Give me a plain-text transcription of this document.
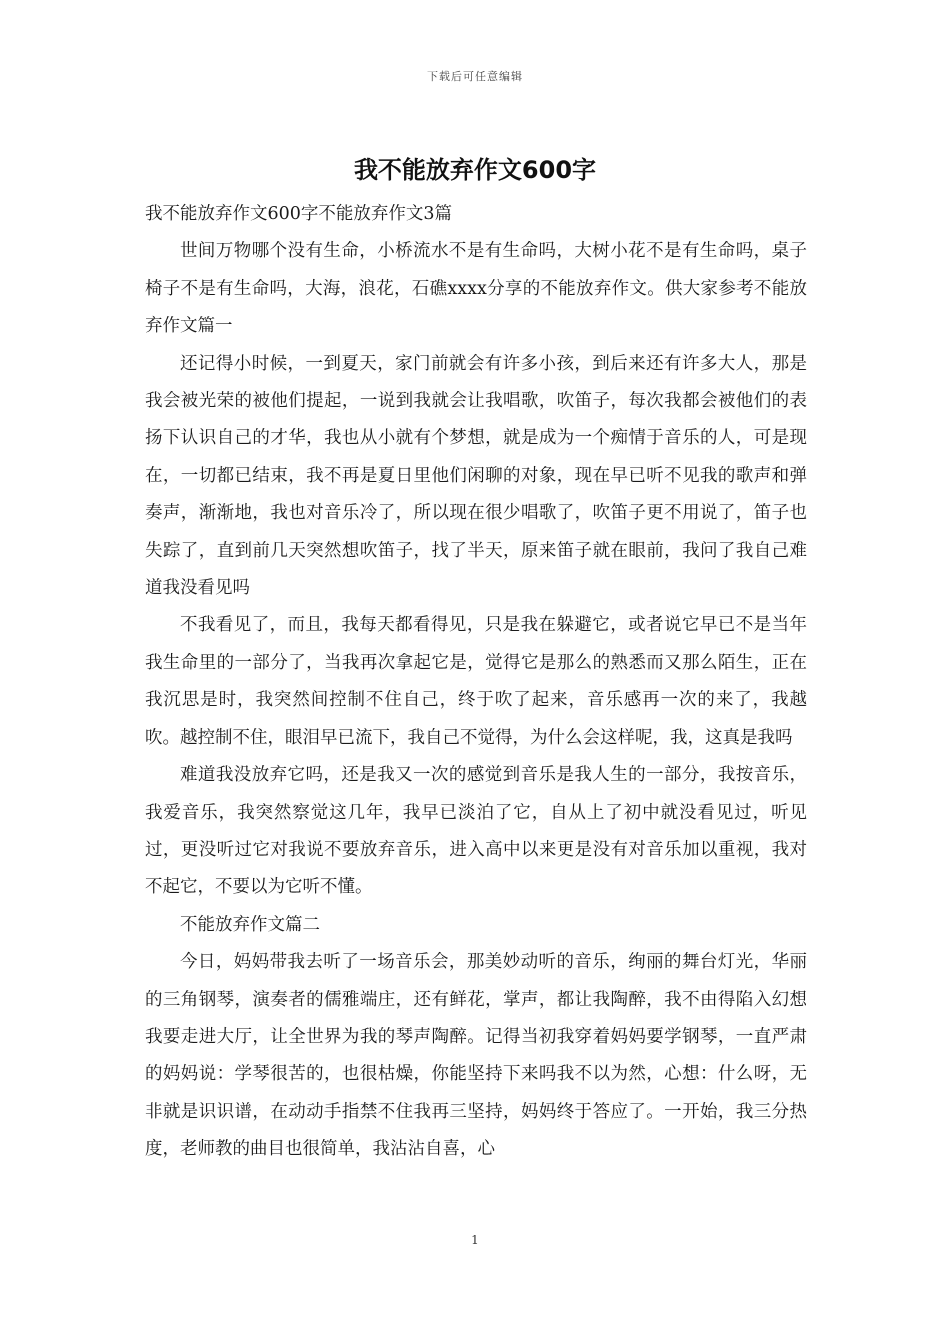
下载后可任意编辑
我不能放弃作文600字

我不能放弃作文600字不能放弃作文3篇

世间万物哪个没有生命，小桥流水不是有生命吗，大树小花不是有生命吗，桌子椅子不是有生命吗，大海，浪花，石礁xxxx分享的不能放弃作文。供大家参考不能放弃作文篇一

还记得小时候，一到夏天，家门前就会有许多小孩，到后来还有许多大人，那是我会被光荣的被他们提起，一说到我就会让我唱歌，吹笛子，每次我都会被他们的表扬下认识自己的才华，我也从小就有个梦想，就是成为一个痴情于音乐的人，可是现在，一切都已结束，我不再是夏日里他们闲聊的对象，现在早已听不见我的歌声和弹奏声，渐渐地，我也对音乐冷了，所以现在很少唱歌了，吹笛子更不用说了，笛子也失踪了，直到前几天突然想吹笛子，找了半天，原来笛子就在眼前，我问了我自己难道我没看见吗

不我看见了，而且，我每天都看得见，只是我在躲避它，或者说它早已不是当年我生命里的一部分了，当我再次拿起它是，觉得它是那么的熟悉而又那么陌生，正在我沉思是时，我突然间控制不住自己，终于吹了起来，音乐感再一次的来了，我越吹。越控制不住，眼泪早已流下，我自己不觉得，为什么会这样呢，我，这真是我吗

难道我没放弃它吗，还是我又一次的感觉到音乐是我人生的一部分，我按音乐，我爱音乐，我突然察觉这几年，我早已淡泊了它，自从上了初中就没看见过，听见过，更没听过它对我说不要放弃音乐，进入高中以来更是没有对音乐加以重视，我对不起它，不要以为它听不懂。

不能放弃作文篇二

今日，妈妈带我去听了一场音乐会，那美妙动听的音乐，绚丽的舞台灯光，华丽的三角钢琴，演奏者的儒雅端庄，还有鲜花，掌声，都让我陶醉，我不由得陷入幻想我要走进大厅，让全世界为我的琴声陶醉。记得当初我穿着妈妈要学钢琴，一直严肃的妈妈说：学琴很苦的，也很枯燥，你能坚持下来吗我不以为然，心想：什么呀，无非就是识识谱，在动动手指禁不住我再三坚持，妈妈终于答应了。一开始，我三分热度，老师教的曲目也很简单，我沾沾自喜，心

1
